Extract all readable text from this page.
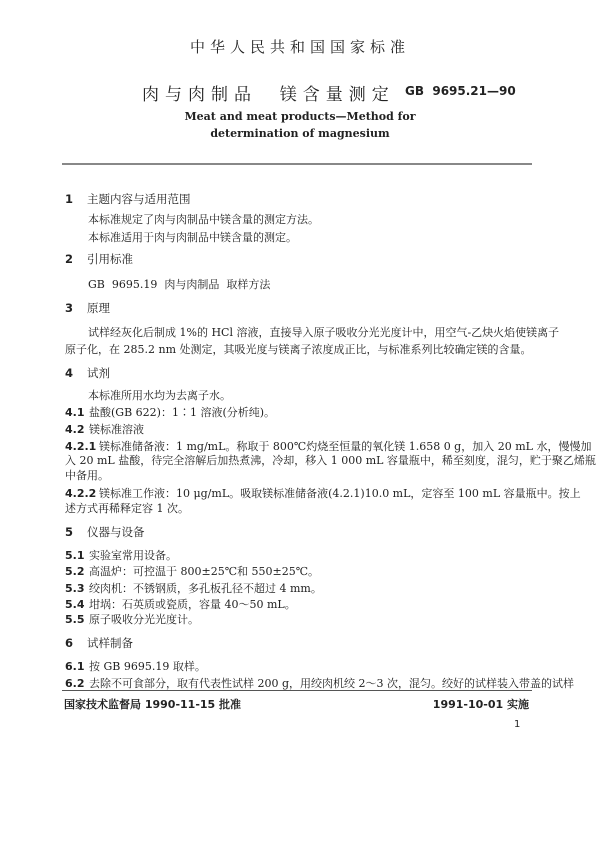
中华人民共和国国家标准
肉与肉制品  镁含量测定 GB  9695.21—90
Meat and meat products—Method for
determination of magnesium
1 主题内容与适用范围
本标准规定了肉与肉制品中镁含量的测定方法。
本标准适用于肉与肉制品中镁含量的测定。
2 引用标准
GB  9695.19  肉与肉制品  取样方法
3 原理
试样经灰化后制成 1%的 HCl 溶液，直接导入原子吸收分光光度计中，用空气-乙炔火焰使镁离子
原子化，在 285.2 nm 处测定，其吸光度与镁离子浓度成正比，与标准系列比较确定镁的含量。
4 试剂
本标准所用水均为去离子水。
4.1 盐酸(GB 622)：1∶1 溶液(分析纯)。
4.2 镁标准溶液
4.2.1 镁标准储备液：1 mg/mL。称取于 800℃灼烧至恒量的氧化镁 1.658 0 g，加入 20 mL 水，慢慢加
入 20 mL 盐酸，待完全溶解后加热煮沸，冷却，移入 1 000 mL 容量瓶中，稀至刻度，混匀，贮于聚乙烯瓶
中备用。
4.2.2 镁标准工作液：10 μg/mL。吸取镁标准储备液(4.2.1)10.0 mL，定容至 100 mL 容量瓶中。按上
述方式再稀释定容 1 次。
5 仪器与设备
5.1 实验室常用设备。
5.2 高温炉：可控温于 800±25℃和 550±25℃。
5.3 绞肉机：不锈钢质，多孔板孔径不超过 4 mm。
5.4 坩埚：石英质或瓷质，容量 40～50 mL。
5.5 原子吸收分光光度计。
6 试样制备
6.1 按 GB 9695.19 取样。
6.2 去除不可食部分，取有代表性试样 200 g，用绞肉机绞 2～3 次，混匀。绞好的试样装入带盖的试样
国家技术监督局 1990-11-15 批准	1991-10-01 实施
1
